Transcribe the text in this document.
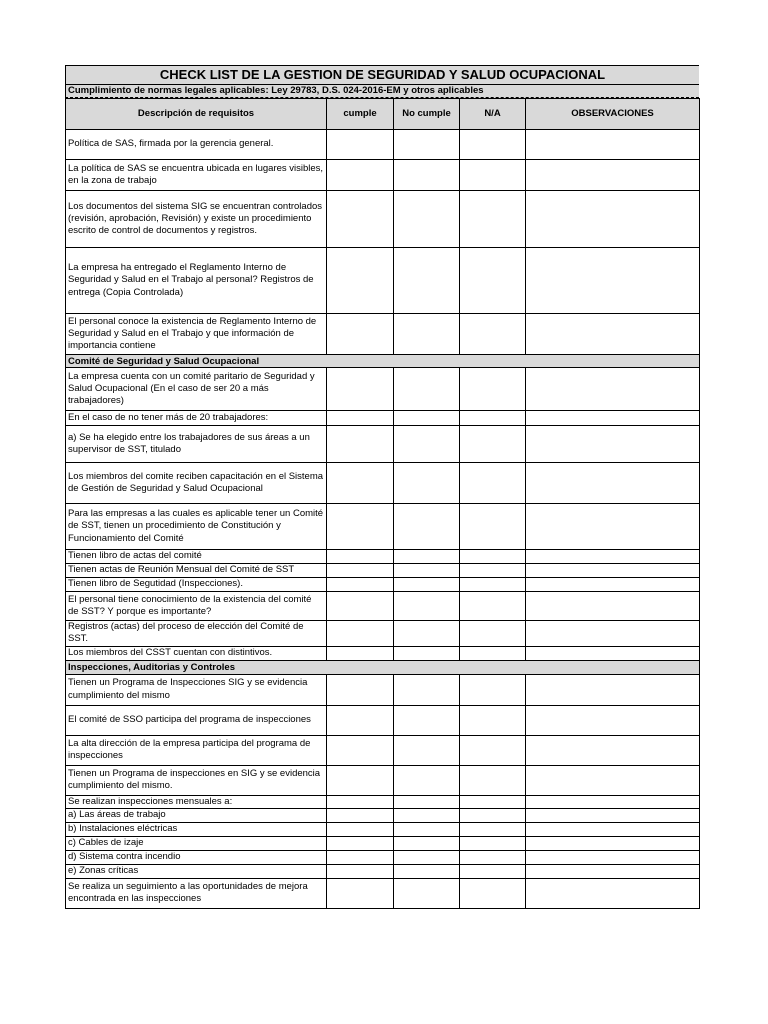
CHECK LIST DE LA GESTION DE SEGURIDAD Y SALUD OCUPACIONAL
Cumplimiento de normas legales aplicables: Ley 29783, D.S. 024-2016-EM y otros aplicables
Descripción de requisitos	cumple	No cumple	N/A	OBSERVACIONES
Política de SAS, firmada por la gerencia general.				
La política de SAS se encuentra ubicada en lugares visibles, en la zona de trabajo				
Los documentos del sistema SIG se encuentran controlados (revisión, aprobación, Revisión) y existe un procedimiento escrito de control de documentos y registros.				
La empresa ha entregado el Reglamento Interno de Seguridad y Salud en el Trabajo al personal? Registros de entrega (Copia Controlada)				
El personal conoce la existencia de Reglamento Interno de Seguridad y Salud en el Trabajo y que información de importancia contiene				
Comité de Seguridad y Salud Ocupacional				
La empresa cuenta con un comité paritario de Seguridad y Salud Ocupacional (En el caso de ser 20 a más trabajadores)				
En el caso de no tener más de 20 trabajadores:				
a) Se ha elegido entre los trabajadores de sus áreas a un supervisor de SST, titulado				
Los miembros del comite reciben capacitación en el Sistema de Gestión de Seguridad y Salud Ocupacional				
Para las empresas a las cuales es aplicable tener un Comité de SST, tienen un procedimiento de Constitución y Funcionamiento del Comité				
Tienen libro de actas del comité				
Tienen actas de Reunión Mensual del Comité de SST				
Tienen libro de Segutidad (Inspecciones).				
El personal tiene conocimiento de la existencia del comité de SST? Y porque es importante?				
Registros (actas) del proceso de elección del Comité de SST.				
Los miembros del CSST cuentan con distintivos.				
Inspecciones, Auditorias y Controles				
Tienen un Programa de Inspecciones SIG y se evidencia cumplimiento del mismo				
El comité de SSO participa del programa de inspecciones				
La alta dirección de la empresa participa del programa de inspecciones				
Tienen un Programa de inspecciones en SIG y se evidencia cumplimiento del mismo.				
Se realizan inspecciones mensuales a:				
a) Las áreas de trabajo				
b) Instalaciones eléctricas				
c) Cables de izaje				
d) Sistema contra incendio				
e) Zonas críticas				
Se realiza un seguimiento a las oportunidades de mejora encontrada en las inspecciones				
